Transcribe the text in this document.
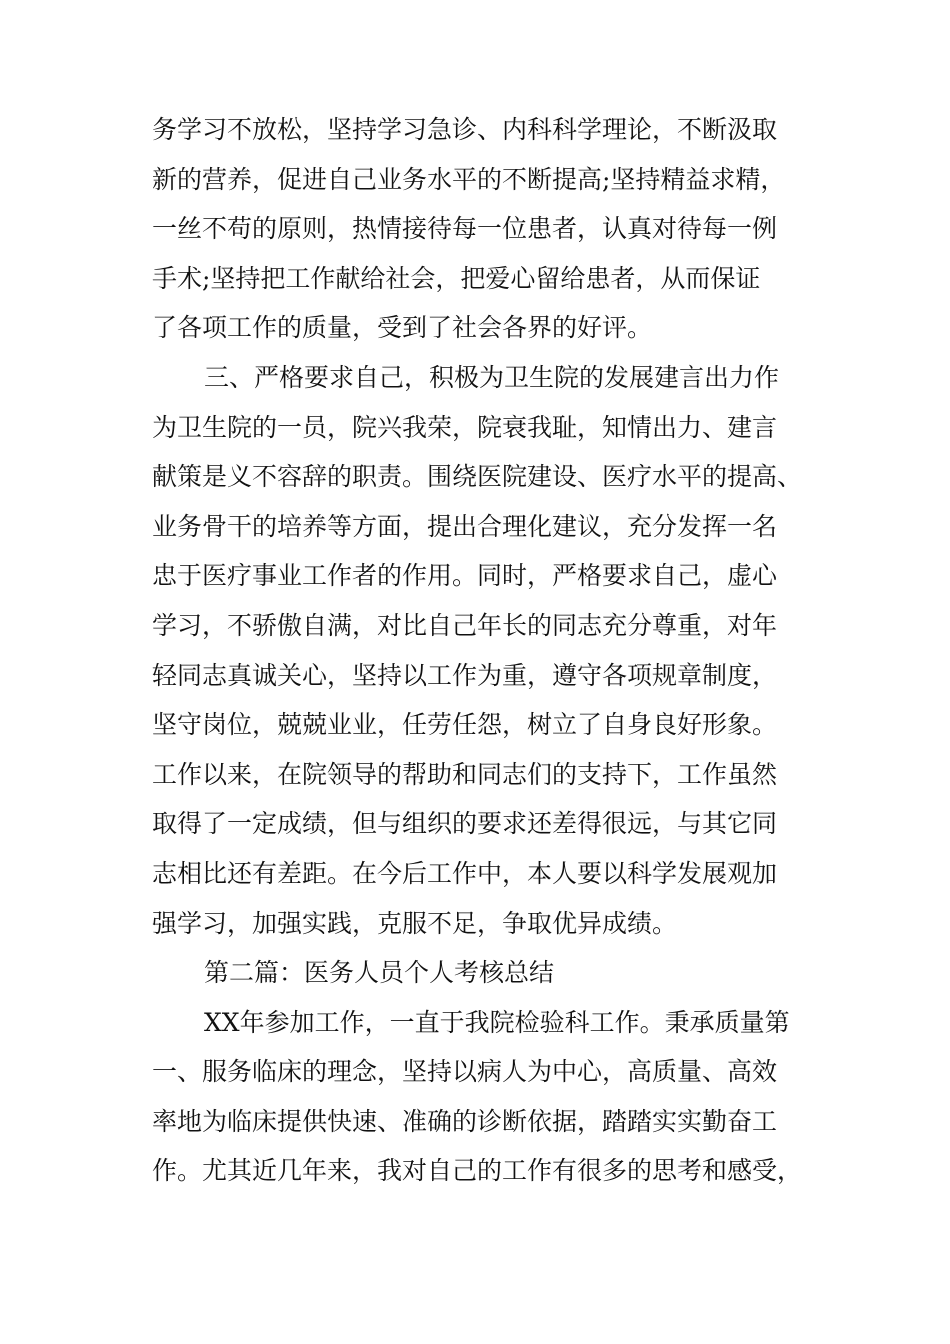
务学习不放松，坚持学习急诊、内科科学理论，不断汲取
新的营养，促进自己业务水平的不断提高;坚持精益求精，
一丝不苟的原则，热情接待每一位患者，认真对待每一例
手术;坚持把工作献给社会，把爱心留给患者，从而保证
了各项工作的质量，受到了社会各界的好评。
三、严格要求自己，积极为卫生院的发展建言出力作
为卫生院的一员，院兴我荣，院衰我耻，知情出力、建言
献策是义不容辞的职责。围绕医院建设、医疗水平的提高、
业务骨干的培养等方面，提出合理化建议，充分发挥一名
忠于医疗事业工作者的作用。同时，严格要求自己，虚心
学习，不骄傲自满，对比自己年长的同志充分尊重，对年
轻同志真诚关心，坚持以工作为重，遵守各项规章制度，
坚守岗位，兢兢业业，任劳任怨，树立了自身良好形象。
工作以来，在院领导的帮助和同志们的支持下，工作虽然
取得了一定成绩，但与组织的要求还差得很远，与其它同
志相比还有差距。在今后工作中，本人要以科学发展观加
强学习，加强实践，克服不足，争取优异成绩。
第二篇：医务人员个人考核总结
XX年参加工作，一直于我院检验科工作。秉承质量第
一、服务临床的理念，坚持以病人为中心，高质量、高效
率地为临床提供快速、准确的诊断依据，踏踏实实勤奋工
作。尤其近几年来，我对自己的工作有很多的思考和感受，
